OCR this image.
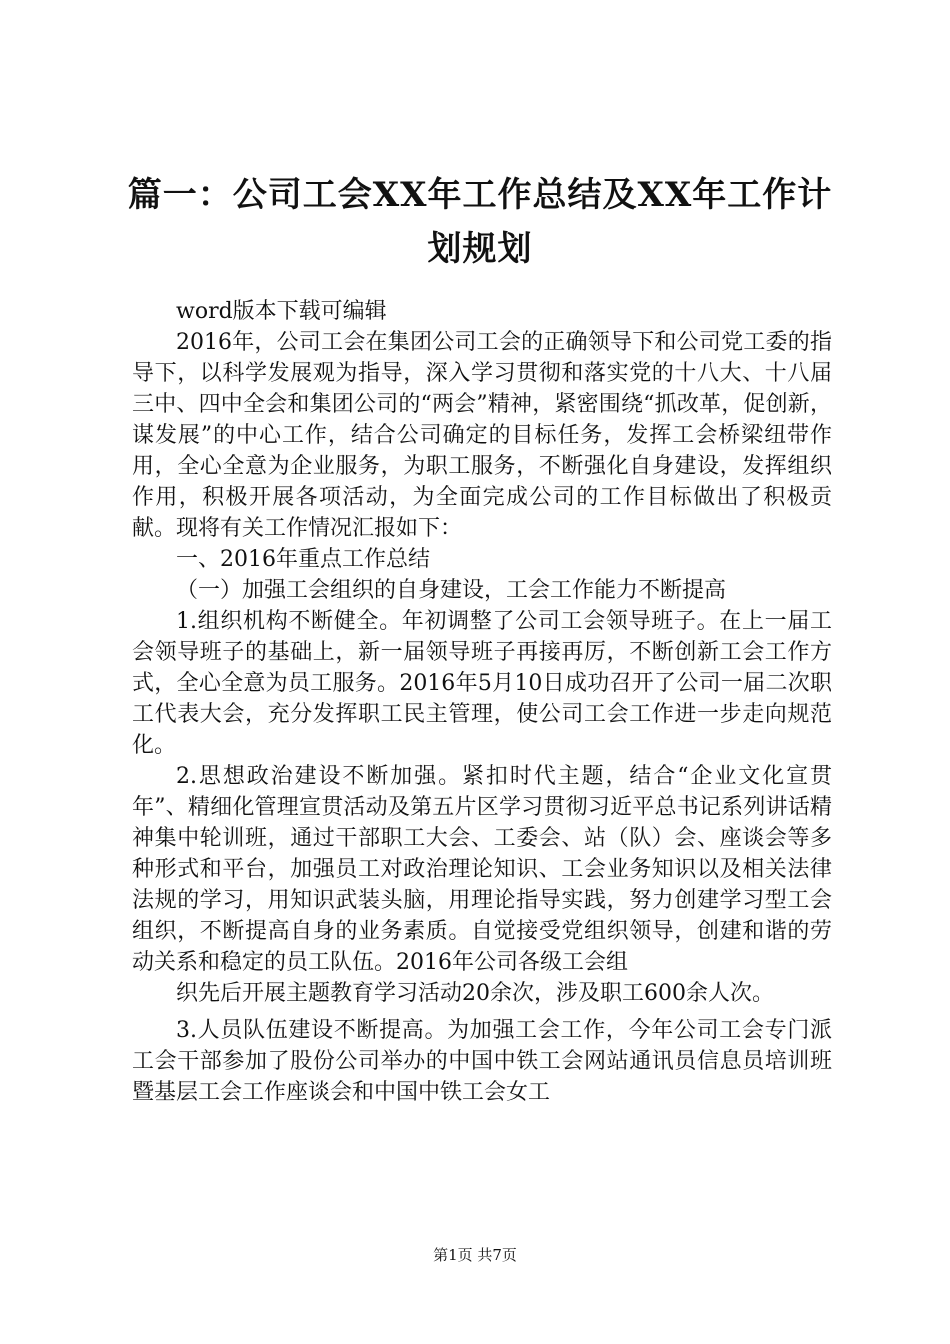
篇一：公司工会XX年工作总结及XX年工作计划规划

word版本下载可编辑

2016年，公司工会在集团公司工会的正确领导下和公司党工委的指导下，以科学发展观为指导，深入学习贯彻和落实党的十八大、十八届三中、四中全会和集团公司的“两会”精神，紧密围绕“抓改革，促创新，谋发展”的中心工作，结合公司确定的目标任务，发挥工会桥梁纽带作用，全心全意为企业服务，为职工服务，不断强化自身建设，发挥组织作用，积极开展各项活动，为全面完成公司的工作目标做出了积极贡献。现将有关工作情况汇报如下：

一、2016年重点工作总结

（一）加强工会组织的自身建设，工会工作能力不断提高

1.组织机构不断健全。年初调整了公司工会领导班子。在上一届工会领导班子的基础上，新一届领导班子再接再厉，不断创新工会工作方式，全心全意为员工服务。2016年5月10日成功召开了公司一届二次职工代表大会，充分发挥职工民主管理，使公司工会工作进一步走向规范化。

2.思想政治建设不断加强。紧扣时代主题，结合“企业文化宣贯年”、精细化管理宣贯活动及第五片区学习贯彻习近平总书记系列讲话精神集中轮训班，通过干部职工大会、工委会、站（队）会、座谈会等多种形式和平台，加强员工对政治理论知识、工会业务知识以及相关法律法规的学习，用知识武装头脑，用理论指导实践，努力创建学习型工会组织，不断提高自身的业务素质。自觉接受党组织领导，创建和谐的劳动关系和稳定的员工队伍。2016年公司各级工会组

织先后开展主题教育学习活动20余次，涉及职工600余人次。

3.人员队伍建设不断提高。为加强工会工作，今年公司工会专门派工会干部参加了股份公司举办的中国中铁工会网站通讯员信息员培训班暨基层工会工作座谈会和中国中铁工会女工

第1页 共7页
